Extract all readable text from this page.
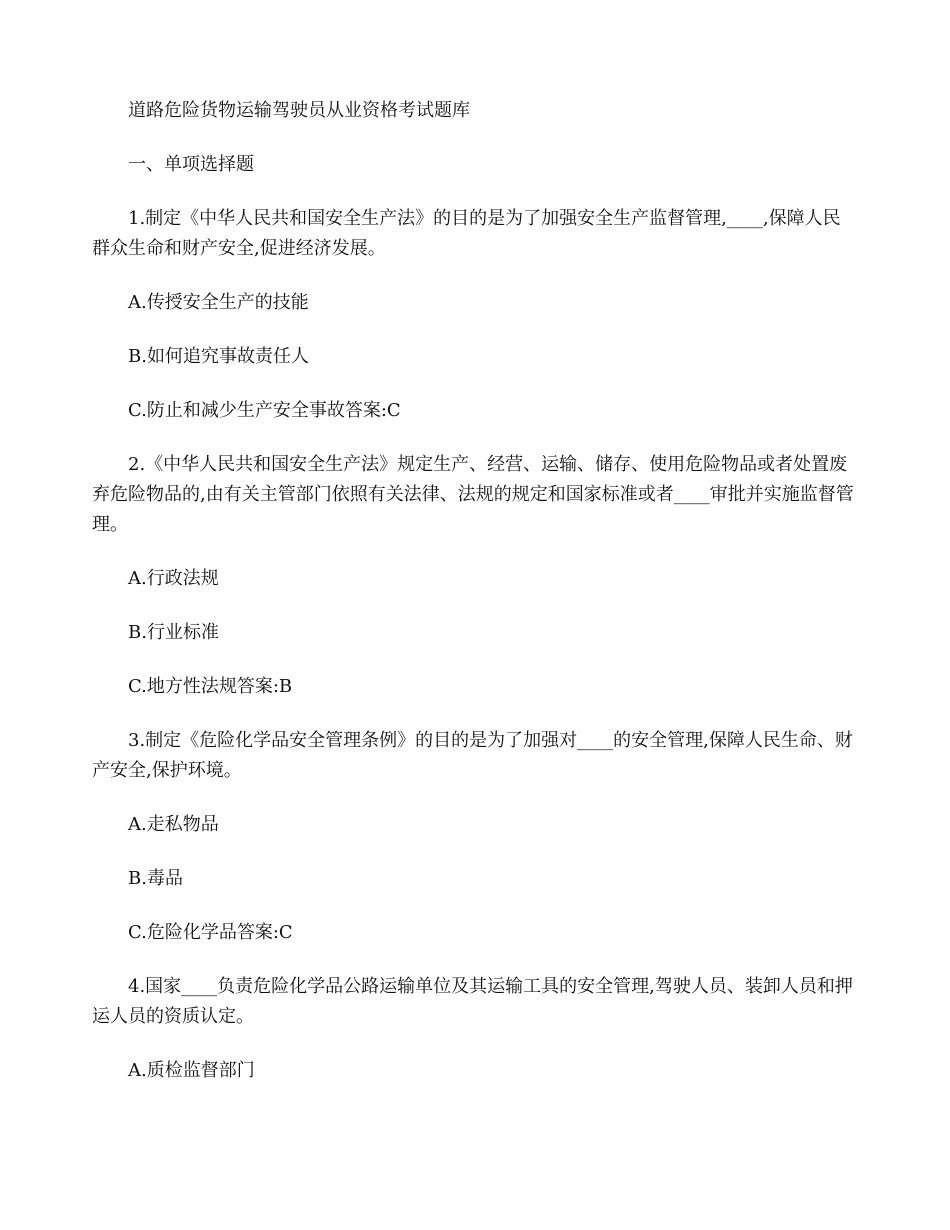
道路危险货物运输驾驶员从业资格考试题库

一、单项选择题

1.制定《中华人民共和国安全生产法》的目的是为了加强安全生产监督管理,____,保障人民群众生命和财产安全,促进经济发展。

A.传授安全生产的技能

B.如何追究事故责任人

C.防止和减少生产安全事故答案:C

2.《中华人民共和国安全生产法》规定生产、经营、运输、储存、使用危险物品或者处置废弃危险物品的,由有关主管部门依照有关法律、法规的规定和国家标准或者____审批并实施监督管理。

A.行政法规

B.行业标准

C.地方性法规答案:B

3.制定《危险化学品安全管理条例》的目的是为了加强对____的安全管理,保障人民生命、财产安全,保护环境。

A.走私物品

B.毒品

C.危险化学品答案:C

4.国家____负责危险化学品公路运输单位及其运输工具的安全管理,驾驶人员、装卸人员和押运人员的资质认定。

A.质检监督部门
